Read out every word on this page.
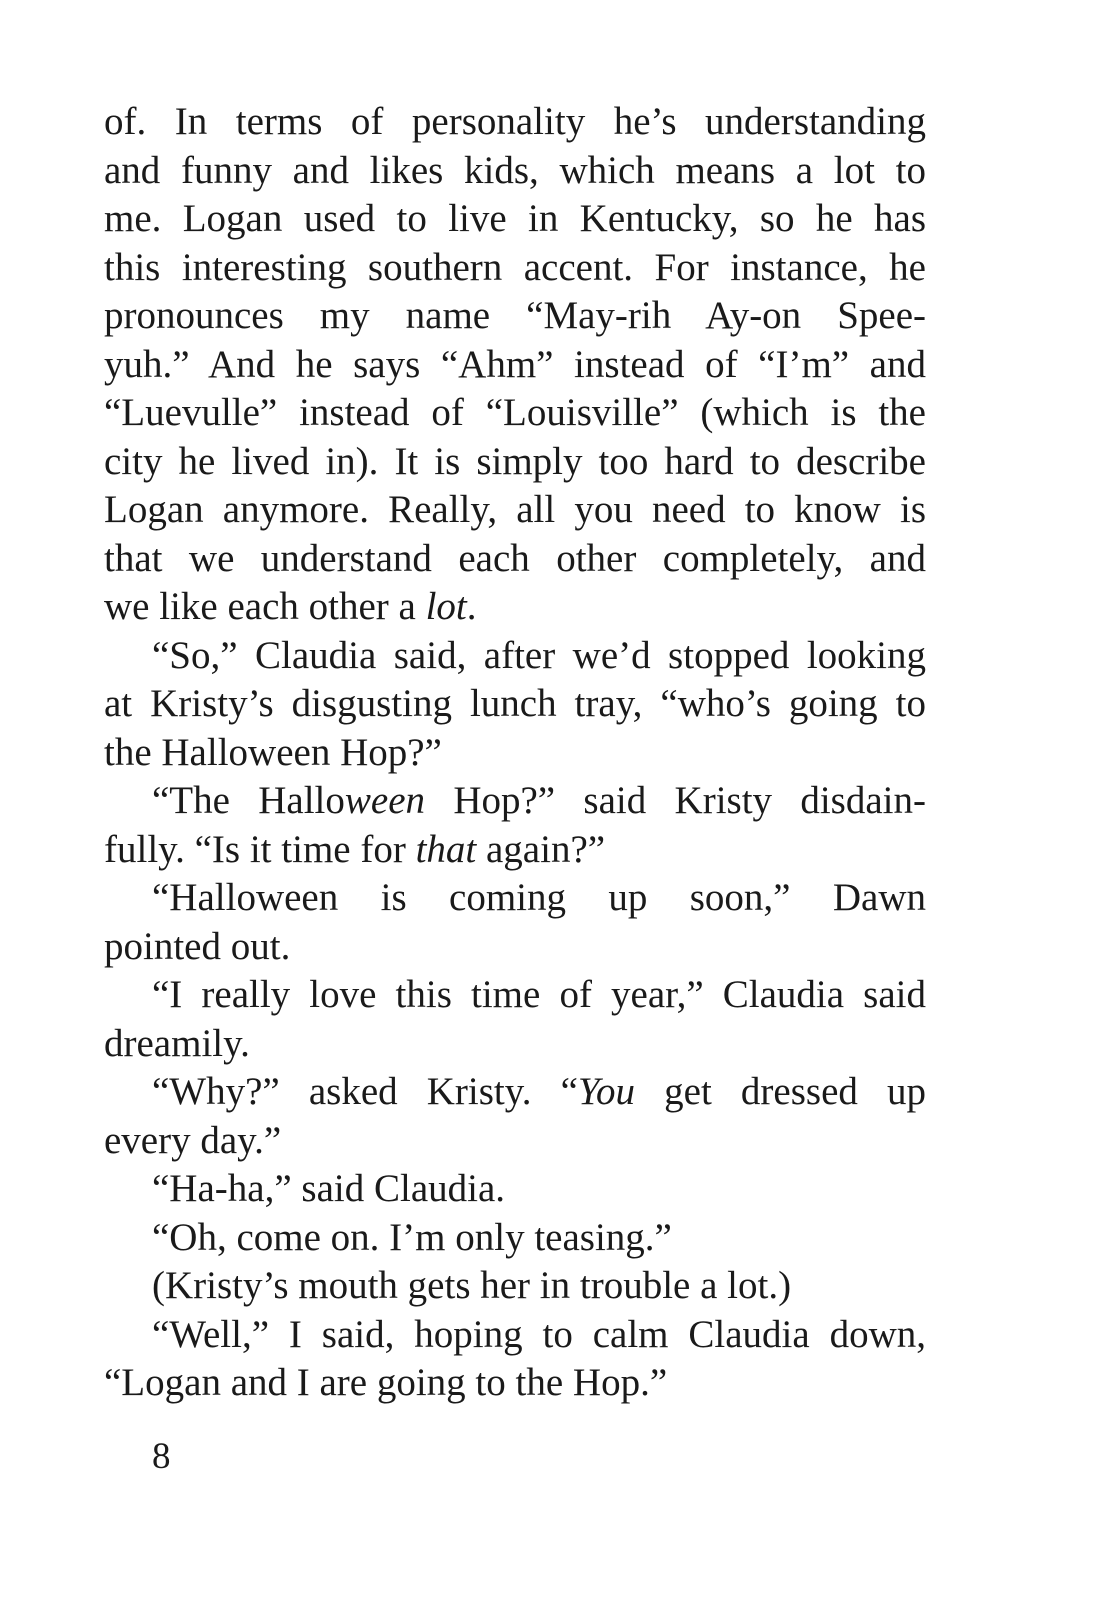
of. In terms of personality he’s understanding
and funny and likes kids, which means a lot to
me. Logan used to live in Kentucky, so he has
this interesting southern accent. For instance, he
pronounces my name “May-rih Ay-on Spee-
yuh.” And he says “Ahm” instead of “I’m” and
“Luevulle” instead of “Louisville” (which is the
city he lived in). It is simply too hard to describe
Logan anymore. Really, all you need to know is
that we understand each other completely, and
we like each other a lot.
“So,” Claudia said, after we’d stopped looking
at Kristy’s disgusting lunch tray, “who’s going to
the Halloween Hop?”
“The Halloween Hop?” said Kristy disdain-
fully. “Is it time for that again?”
“Halloween is coming up soon,” Dawn
pointed out.
“I really love this time of year,” Claudia said
dreamily.
“Why?” asked Kristy. “You get dressed up
every day.”
“Ha-ha,” said Claudia.
“Oh, come on. I’m only teasing.”
(Kristy’s mouth gets her in trouble a lot.)
“Well,” I said, hoping to calm Claudia down,
“Logan and I are going to the Hop.”
8
